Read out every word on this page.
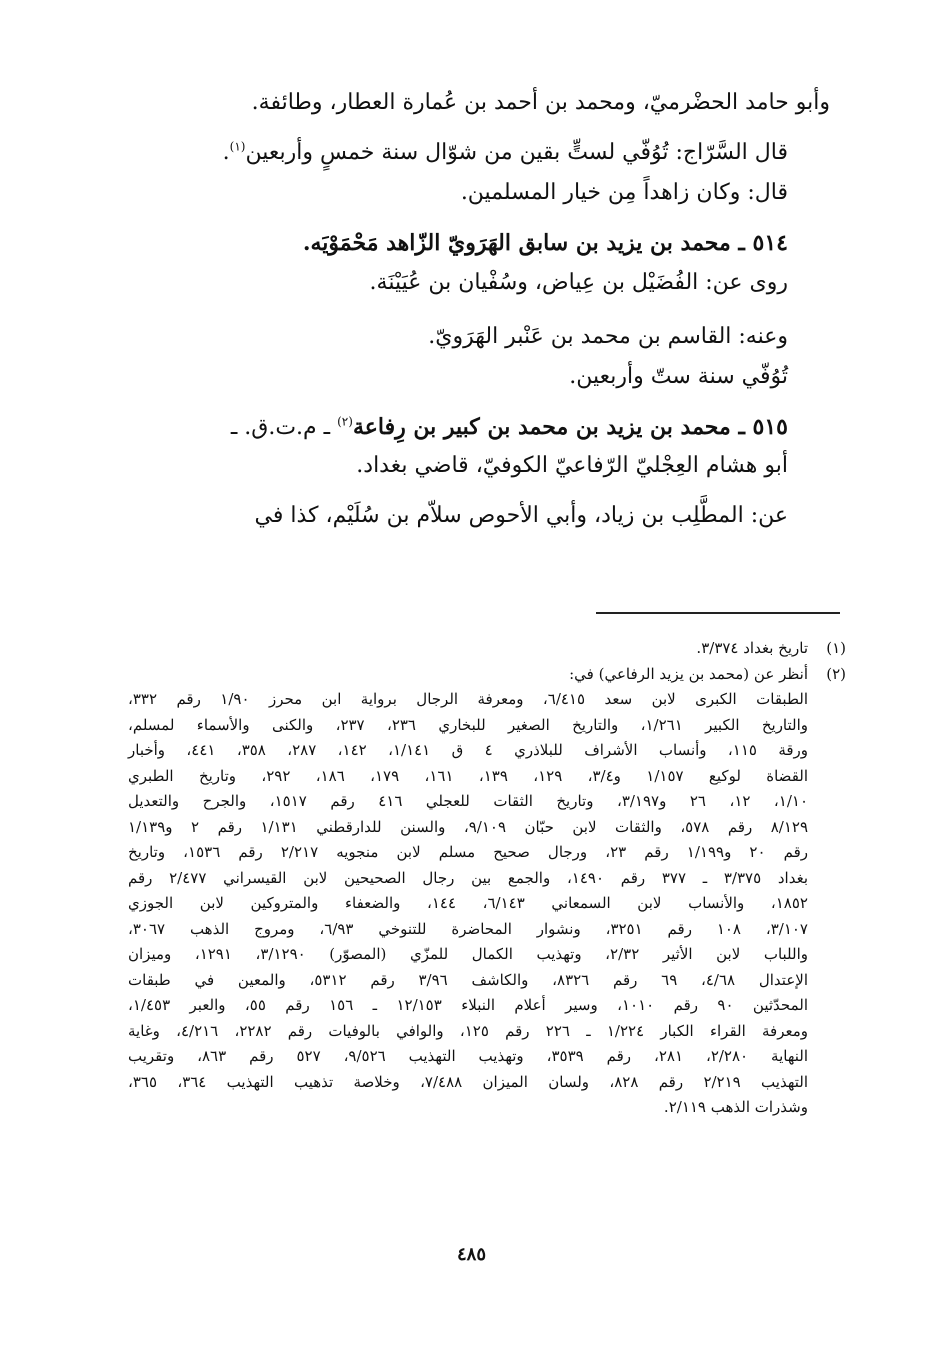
وأبو حامد الحضْرميّ، ومحمد بن أحمد بن عُمارة العطار، وطائفة.

قال السَّرّاج: تُوُفّي لستٍّ بقين من شوّال سنة خمسٍ وأربعين$^{(١)}$.

قال: وكان زاهداً مِن خيار المسلمين.

٥١٤ ـ محمد بن يزيد بن سابق الهَرَويّ الزّاهد مَحْمَوْيَه.

روى عن: الفُضَيْل بن عِياض، وسُفْيان بن عُيَيْنَة.

وعنه: القاسم بن محمد بن عَنْبر الهَرَويّ.

تُوُفّي سنة ستّ وأربعين.

٥١٥ ـ محمد بن يزيد بن محمد بن كبير بن رِفاعة$^{(٢)}$ ـ م.ت.ق. ـ

أبو هشام العِجْليّ الرّفاعيّ الكوفيّ، قاضي بغداد.

عن: المطَّلِب بن زياد، وأبي الأحوص سلاّم بن سُلَيْم، كذا في

(١)تاريخ بغداد ٣/٣٧٤.

(٢)أنظر عن (محمد بن يزيد الرفاعي) في:

الطبقات الكبرى لابن سعد ٦/٤١٥، ومعرفة الرجال برواية ابن محرز ١/٩٠ رقم ٣٣٢،

والتاريخ الكبير ١/٢٦١، والتاريخ الصغير للبخاري ٢٣٦، ٢٣٧، والكنى والأسماء لمسلم،

ورقة ١١٥، وأنساب الأشراف للبلاذري ٤ ق ١/١٤١، ١٤٢، ٢٨٧، ٣٥٨، ٤٤١، وأخبار

القضاة لوكيع ١/١٥٧ و٣/٤، ١٢٩، ١٣٩، ١٦١، ١٧٩، ١٨٦، ٢٩٢، وتاريخ الطبري

١/١٠، ١٢، ٢٦ و٣/١٩٧، وتاريخ الثقات للعجلي ٤١٦ رقم ١٥١٧، والجرح والتعديل

٨/١٢٩ رقم ٥٧٨، والثقات لابن حبّان ٩/١٠٩، والسنن للدارقطني ١/١٣١ رقم ٢ و١/١٣٩

رقم ٢٠ و١/١٩٩ رقم ٢٣، ورجال صحيح مسلم لابن منجويه ٢/٢١٧ رقم ١٥٣٦، وتاريخ

بغداد ٣/٣٧٥ ـ ٣٧٧ رقم ١٤٩٠، والجمع بين رجال الصحيحين لابن القيسراني ٢/٤٧٧ رقم

١٨٥٢، والأنساب لابن السمعاني ٦/١٤٣، ١٤٤، والضعفاء والمتروكين لابن الجوزي

٣/١٠٧، ١٠٨ رقم ٣٢٥١، ونشوار المحاضرة للتنوخي ٦/٩٣، ومروج الذهب ٣٠٦٧،

واللباب لابن الأثير ٢/٣٢، وتهذيب الكمال للمزّي (المصوّر) ٣/١٢٩٠، ١٢٩١، وميزان

الإعتدال ٤/٦٨، ٦٩ رقم ٨٣٢٦، والكاشف ٣/٩٦ رقم ٥٣١٢، والمعين في طبقات

المحدّثين ٩٠ رقم ١٠١٠، وسير أعلام النبلاء ١٢/١٥٣ ـ ١٥٦ رقم ٥٥، والعبر ١/٤٥٣،

ومعرفة القراء الكبار ١/٢٢٤ ـ ٢٢٦ رقم ١٢٥، والوافي بالوفيات رقم ٢٢٨٢، ٤/٢١٦، وغاية

النهاية ٢/٢٨٠، ٢٨١، رقم ٣٥٣٩، وتهذيب التهذيب ٩/٥٢٦، ٥٢٧ رقم ٨٦٣، وتقريب

التهذيب ٢/٢١٩ رقم ٨٢٨، ولسان الميزان ٧/٤٨٨، وخلاصة تذهيب التهذيب ٣٦٤، ٣٦٥،

وشذرات الذهب ٢/١١٩.

٤٨٥
